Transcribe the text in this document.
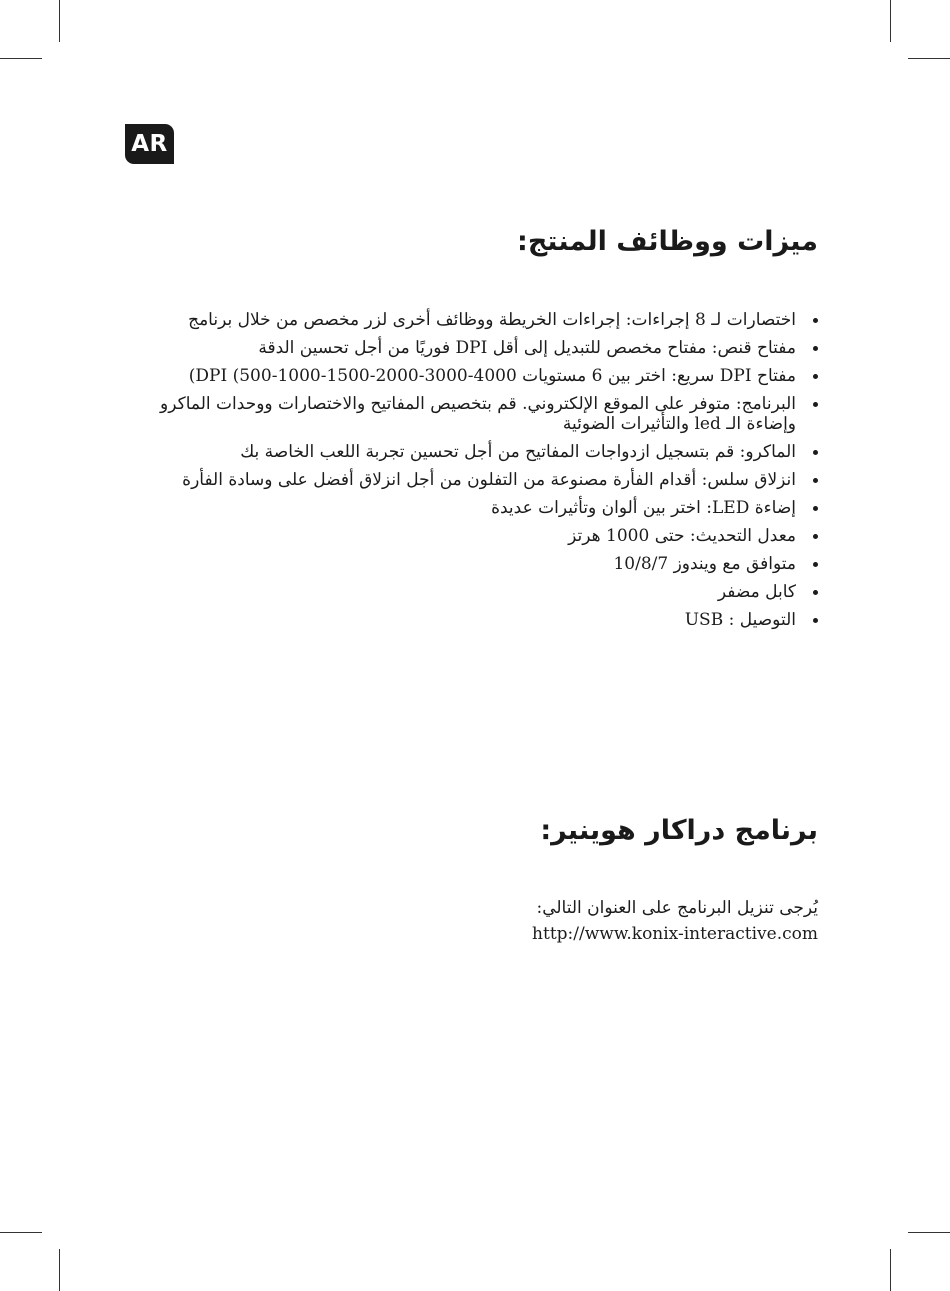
AR
ميزات ووظائف المنتج:
اختصارات لـ 8 إجراءات: إجراءات الخريطة ووظائف أخرى لزر مخصص من خلال برنامج
مفتاح قنص: مفتاح مخصص للتبديل إلى أقل DPI فوريًا من أجل تحسين الدقة
مفتاح DPI سريع: اختر بين 6 مستويات 4000-3000-2000-1500-1000-500) DPI)
البرنامج: متوفر على الموقع الإلكتروني. قم بتخصيص المفاتيح والاختصارات ووحدات الماكرو وإضاءة الـ led والتأثيرات الضوئية
الماكرو: قم بتسجيل ازدواجات المفاتيح من أجل تحسين تجربة اللعب الخاصة بك
انزلاق سلس: أقدام الفأرة مصنوعة من التفلون من أجل انزلاق أفضل على وسادة الفأرة
إضاءة LED: اختر بين ألوان وتأثيرات عديدة
معدل التحديث: حتى 1000 هرتز
متوافق مع ويندوز 10/8/7
كابل مضفر
التوصيل : USB
برنامج دراكار هوينير:
يُرجى تنزيل البرنامج على العنوان التالي:
http://www.konix-interactive.com
